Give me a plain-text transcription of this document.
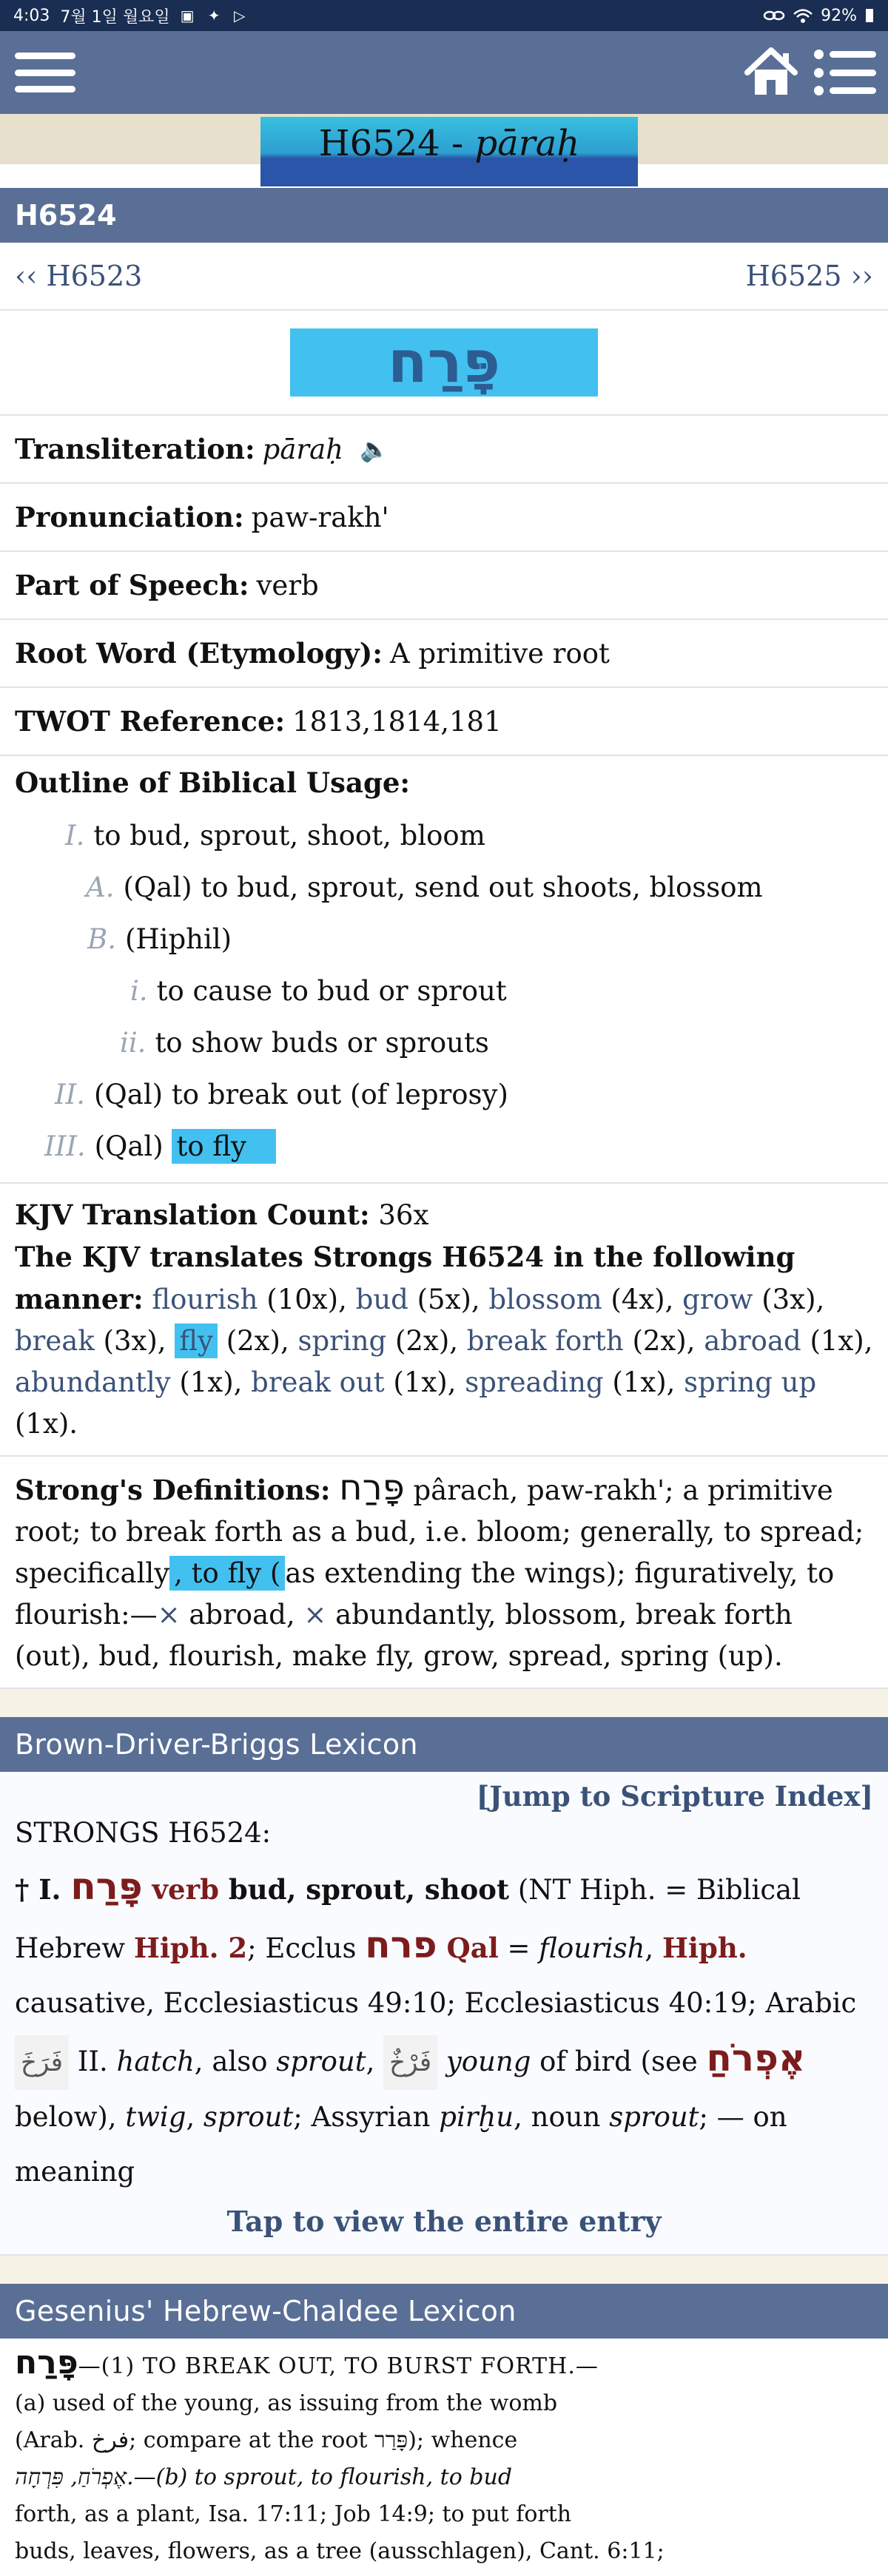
4:03 7월 1일 월요일 ▣ ✦ ▷	92%
H6524 - pāraḥ
H6524
‹‹ H6523	H6525 ››
פָּרַח
Transliteration: pāraḥ 🔈
Pronunciation: paw-rakh'
Part of Speech: verb
Root Word (Etymology): A primitive root
TWOT Reference: 1813,1814,181
Outline of Biblical Usage:
I. to bud, sprout, shoot, bloom
A. (Qal) to bud, sprout, send out shoots, blossom
B. (Hiphil)
i. to cause to bud or sprout
ii. to show buds or sprouts
II. (Qal) to break out (of leprosy)
III. (Qal) to fly
KJV Translation Count: 36x
The KJV translates Strongs H6524 in the following manner: flourish (10x), bud (5x), blossom (4x), grow (3x), break (3x), fly (2x), spring (2x), break forth (2x), abroad (1x), abundantly (1x), break out (1x), spreading (1x), spring up (1x).
Strong's Definitions: פָּרַח pârach, paw-rakh'; a primitive root; to break forth as a bud, i.e. bloom; generally, to spread; specifically , to fly ( as extending the wings); figuratively, to flourish:—× abroad, × abundantly, blossom, break forth (out), bud, flourish, make fly, grow, spread, spring (up).
Brown-Driver-Briggs Lexicon
[Jump to Scripture Index]
STRONGS H6524:
† I. פָּרַח verb bud, sprout, shoot (NT Hiph. = Biblical Hebrew Hiph. 2; Ecclus פרח Qal = flourish, Hiph. causative, Ecclesiasticus 49:10; Ecclesiasticus 40:19; Arabic فَرَخَ II. hatch, also sprout, فَرْخٌ young of bird (see אֶפְרֹחַ below), twig, sprout; Assyrian pirḫu, noun sprout; — on meaning
Tap to view the entire entry
Gesenius' Hebrew-Chaldee Lexicon
פָּרַח—(1) TO BREAK OUT, TO BURST FORTH.—
(a) used of the young, as issuing from the womb
(Arab. فرخ; compare at the root פָּרַר); whence
אֶפְרֹחַ, פִּרְחָה.—(b) to sprout, to flourish, to bud
forth, as a plant, Isa. 17:11; Job 14:9; to put forth
buds, leaves, flowers, as a tree (ausschlagen), Cant. 6:11;
